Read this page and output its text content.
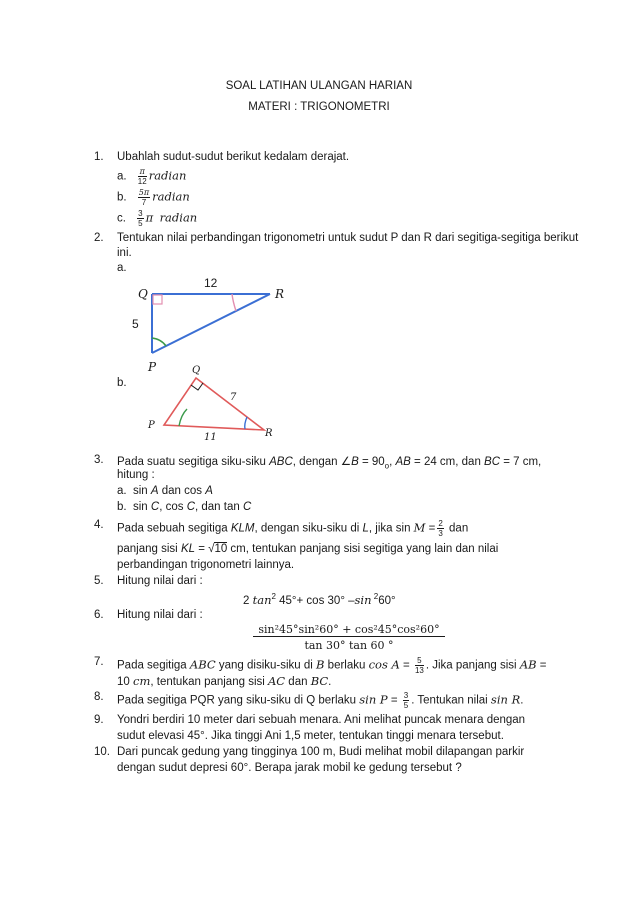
SOAL LATIHAN ULANGAN HARIAN
MATERI : TRIGONOMETRI
1. Ubahlah sudut-sudut berikut kedalam derajat.
a. $\frac{\pi}{12}$ radian
b. $\frac{5\pi}{7}$ radian
c. $\frac{3}{5}$ π radian
2. Tentukan nilai perbandingan trigonometri untuk sudut P dan R dari segitiga-segitiga berikut
ini.
a.
Q	R
P
12
5
b.
Q
R
P
7
11
3. Pada suatu segitiga siku-siku ABC, dengan ∠B = $90_o$, AB = 24 cm, dan BC = 7 cm,
hitung :
a. sin A dan cos A
b. sin C, cos C, dan tan C
4. Pada sebuah segitiga KLM, dengan siku-siku di L, jika $\sin M = \frac{2}{3}$ dan
panjang sisi KL = √10 cm, tentukan panjang sisi segitiga yang lain dan nilai
perbandingan trigonometri lainnya.
5. Hitung nilai dari :
2 $\tan^2 45^\circ+ \cos 30^\circ$ –sin $^2$60°
6. Hitung nilai dari :
sin²45°sin²60° + cos²45°cos²60°
tan 30° tan 60 °
7. Pada segitiga ABC yang disiku-siku di B berlaku $\cos A = \frac{5}{13}$ . Jika panjang sisi AB =
10 cm, tentukan panjang sisi AC dan BC.
8. Pada segitiga PQR yang siku-siku di Q berlaku $\sin P = \frac{3}{5}$ . Tentukan nilai sin R.
9. Yondri berdiri 10 meter dari sebuah menara. Ani melihat puncak menara dengan
sudut elevasi 45°. Jika tinggi Ani 1,5 meter, tentukan tinggi menara tersebut.
10. Dari puncak gedung yang tingginya 100 m, Budi melihat mobil dilapangan parkir
dengan sudut depresi 60°. Berapa jarak mobil ke gedung tersebut ?
